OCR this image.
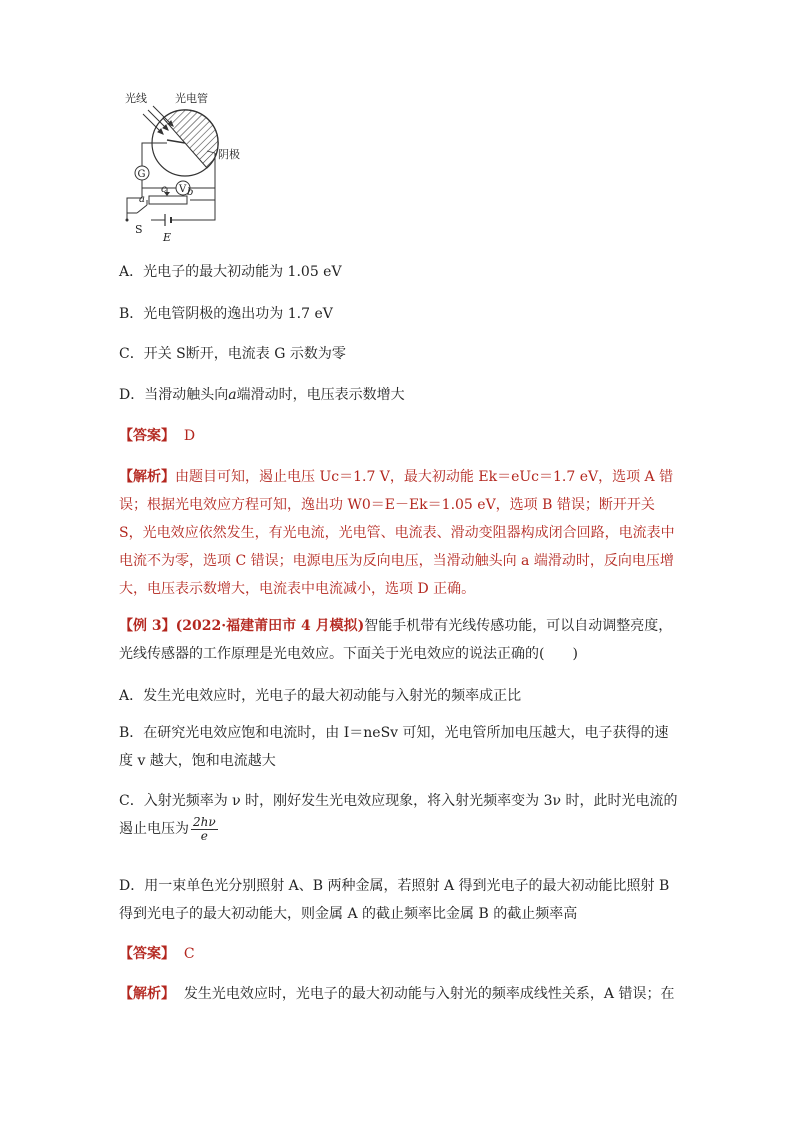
光线	光电管
阴极
G
V
a
b
c
S
E

A．光电子的最大初动能为 1.05 eV

B．光电管阴极的逸出功为 1.7 eV

C．开关 S断开，电流表 G 示数为零

D．当滑动触头向a端滑动时，电压表示数增大

【答案】 D

【解析】由题目可知，遏止电压 Uc＝1.7 V，最大初动能 Ek＝eUc＝1.7 eV，选项 A 错误；根据光电效应方程可知，逸出功 W0＝E－Ek＝1.05 eV，选项 B 错误；断开开关 S，光电效应依然发生，有光电流，光电管、电流表、滑动变阻器构成闭合回路，电流表中电流不为零，选项 C 错误；电源电压为反向电压，当滑动触头向 a 端滑动时，反向电压增大，电压表示数增大，电流表中电流减小，选项 D 正确。

【例 3】(2022·福建莆田市 4 月模拟)智能手机带有光线传感功能，可以自动调整亮度，光线传感器的工作原理是光电效应。下面关于光电效应的说法正确的(　　)

A．发生光电效应时，光电子的最大初动能与入射光的频率成正比

B．在研究光电效应饱和电流时，由 I＝neSv 可知，光电管所加电压越大，电子获得的速度 v 越大，饱和电流越大

C．入射光频率为 ν 时，刚好发生光电效应现象，将入射光频率变为 3ν 时，此时光电流的遏止电压为 $\frac{2h\nu}{e}$

D．用一束单色光分别照射 A、B 两种金属，若照射 A 得到光电子的最大初动能比照射 B 得到光电子的最大初动能大，则金属 A 的截止频率比金属 B 的截止频率高

【答案】 C

【解析】 发生光电效应时，光电子的最大初动能与入射光的频率成线性关系，A 错误；在
